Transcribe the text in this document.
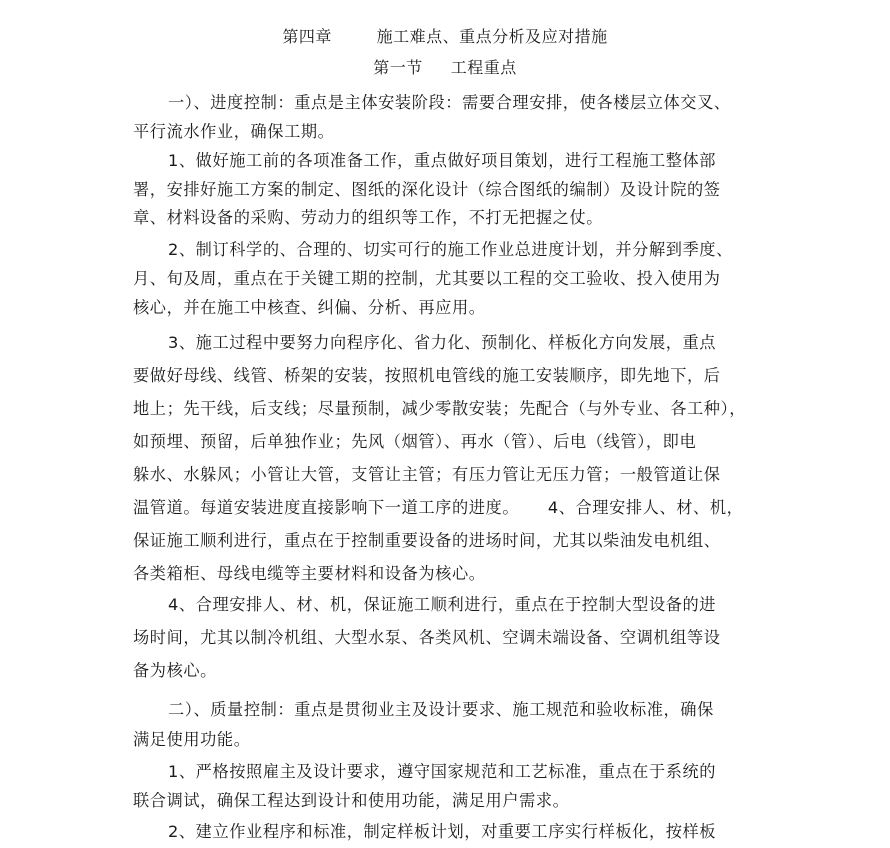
第四章        施工难点、重点分析及应对措施
第一节     工程重点
一）、进度控制：重点是主体安装阶段：需要合理安排，使各楼层立体交叉、
平行流水作业，确保工期。
1、做好施工前的各项准备工作，重点做好项目策划，进行工程施工整体部
署，安排好施工方案的制定、图纸的深化设计（综合图纸的编制）及设计院的签
章、材料设备的采购、劳动力的组织等工作，不打无把握之仗。
2、制订科学的、合理的、切实可行的施工作业总进度计划，并分解到季度、
月、旬及周，重点在于关键工期的控制，尤其要以工程的交工验收、投入使用为
核心，并在施工中核查、纠偏、分析、再应用。
3、施工过程中要努力向程序化、省力化、预制化、样板化方向发展，重点
要做好母线、线管、桥架的安装，按照机电管线的施工安装顺序，即先地下，后
地上；先干线，后支线；尽量预制，减少零散安装；先配合（与外专业、各工种），
如预埋、预留，后单独作业；先风（烟管）、再水（管）、后电（线管），即电
躲水、水躲风；小管让大管，支管让主管；有压力管让无压力管；一般管道让保
温管道。每道安装进度直接影响下一道工序的进度。     4、合理安排人、材、机，
保证施工顺利进行，重点在于控制重要设备的进场时间，尤其以柴油发电机组、
各类箱柜、母线电缆等主要材料和设备为核心。
4、合理安排人、材、机，保证施工顺利进行，重点在于控制大型设备的进
场时间，尤其以制冷机组、大型水泵、各类风机、空调未端设备、空调机组等设
备为核心。
二）、质量控制：重点是贯彻业主及设计要求、施工规范和验收标准，确保
满足使用功能。
1、严格按照雇主及设计要求，遵守国家规范和工艺标准，重点在于系统的
联合调试，确保工程达到设计和使用功能，满足用户需求。
2、建立作业程序和标准，制定样板计划，对重要工序实行样板化，按样板
